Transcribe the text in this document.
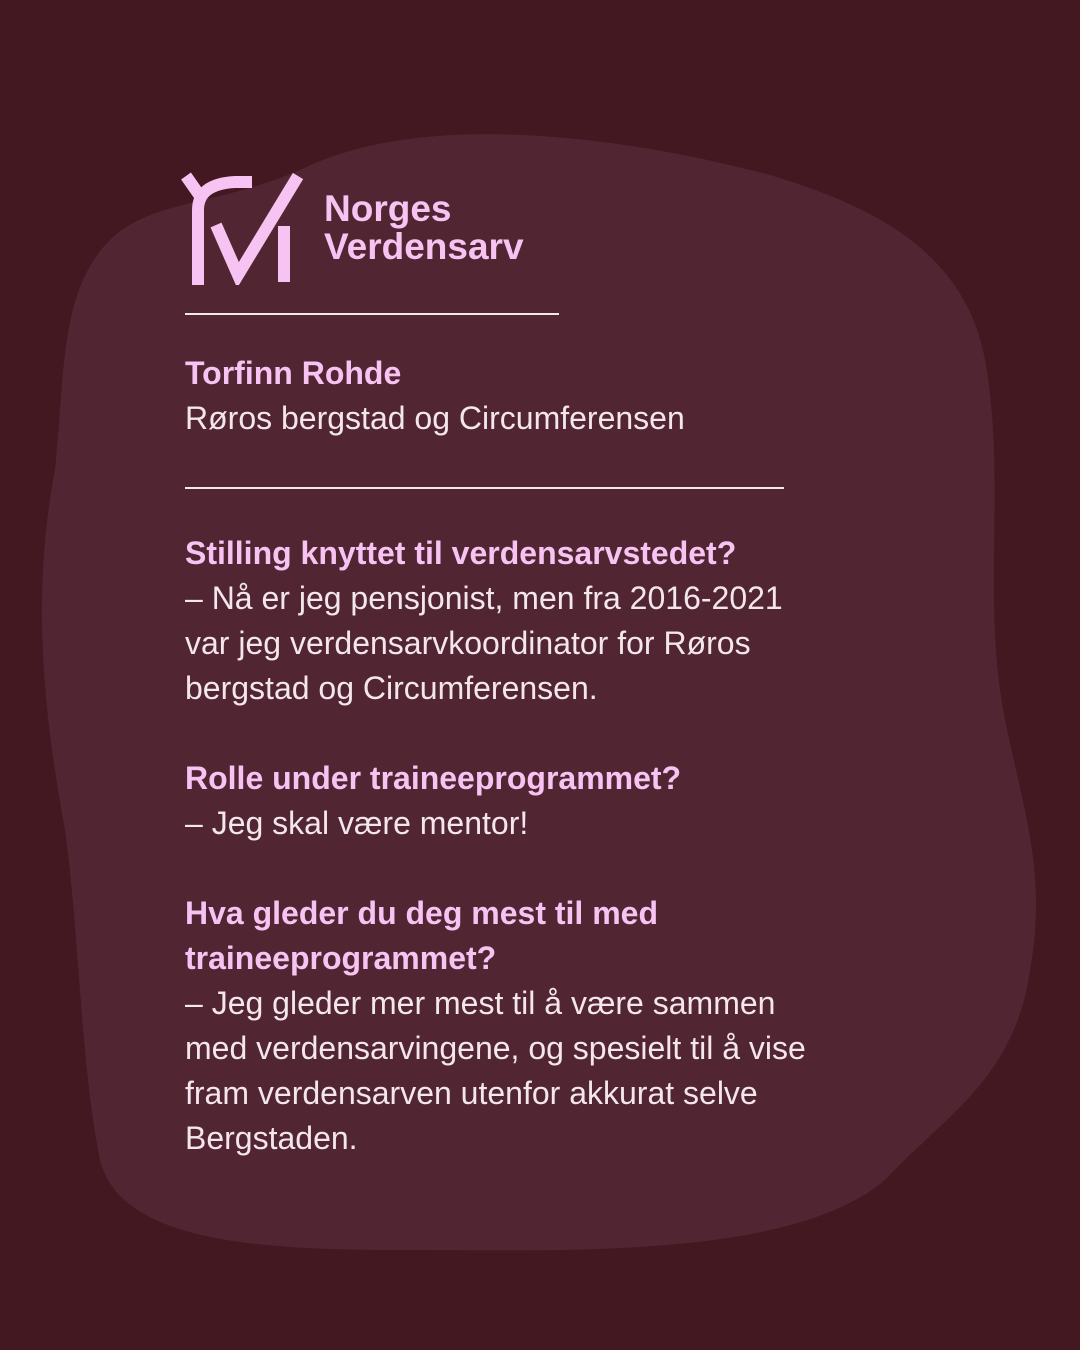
Norges
Verdensarv
Torfinn Rohde
Røros bergstad og Circumferensen
Stilling knyttet til verdensarvstedet?
– Nå er jeg pensjonist, men fra 2016-2021
var jeg verdensarvkoordinator for Røros
bergstad og Circumferensen.
Rolle under traineeprogrammet?
– Jeg skal være mentor!
Hva gleder du deg mest til med
traineeprogrammet?
– Jeg gleder mer mest til å være sammen
med verdensarvingene, og spesielt til å vise
fram verdensarven utenfor akkurat selve
Bergstaden.
